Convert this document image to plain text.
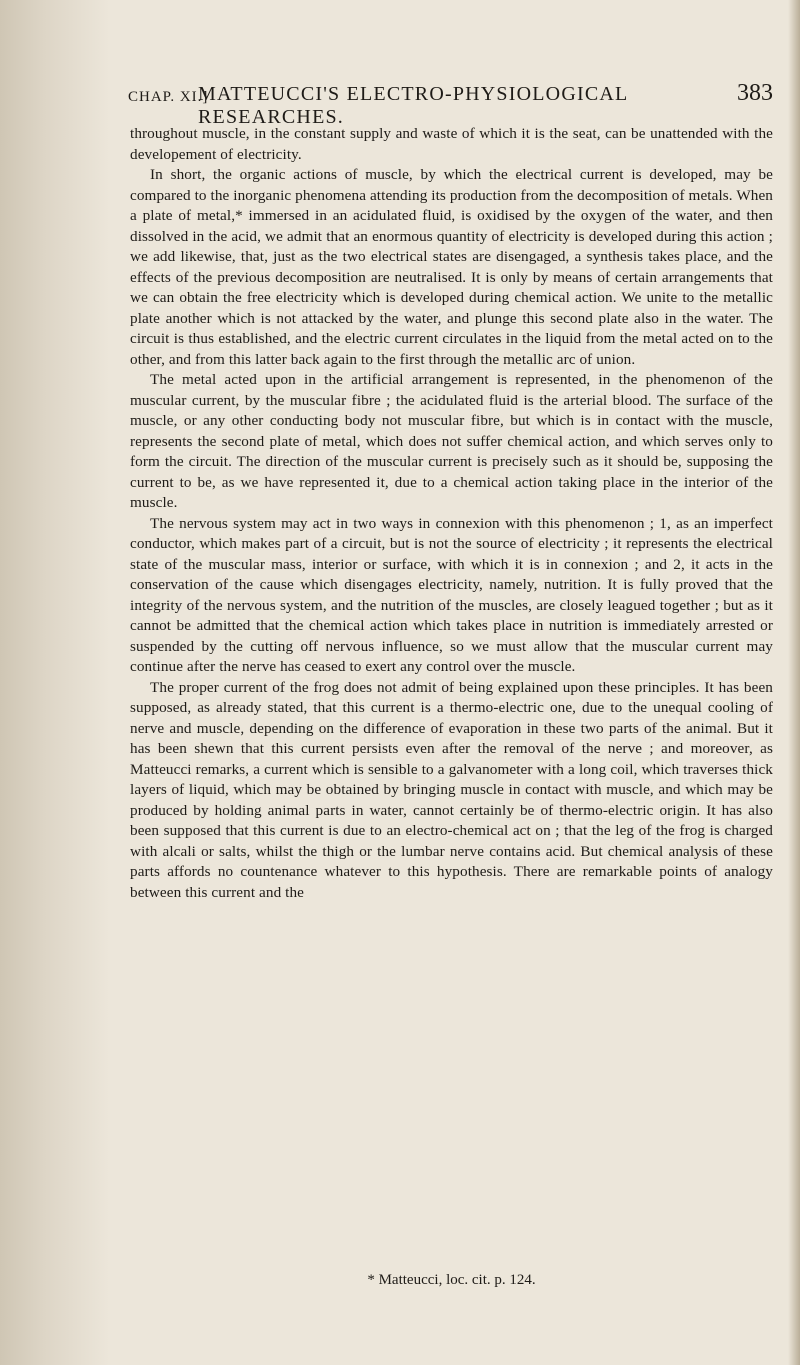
CHAP. XI.]
MATTEUCCI'S ELECTRO-PHYSIOLOGICAL RESEARCHES.
383

throughout muscle, in the constant supply and waste of which it is the seat, can be unattended with the developement of electricity.

In short, the organic actions of muscle, by which the electrical current is developed, may be compared to the inorganic phenomena attending its production from the decomposition of metals. When a plate of metal,* immersed in an acidulated fluid, is oxidised by the oxygen of the water, and then dissolved in the acid, we admit that an enormous quantity of electricity is developed during this action ; we add likewise, that, just as the two electrical states are disengaged, a synthesis takes place, and the effects of the previous decomposition are neutralised. It is only by means of certain arrangements that we can obtain the free electricity which is developed during chemical action. We unite to the metallic plate another which is not attacked by the water, and plunge this second plate also in the water. The circuit is thus established, and the electric current circulates in the liquid from the metal acted on to the other, and from this latter back again to the first through the metallic arc of union.

The metal acted upon in the artificial arrangement is represented, in the phenomenon of the muscular current, by the muscular fibre ; the acidulated fluid is the arterial blood. The surface of the muscle, or any other conducting body not muscular fibre, but which is in contact with the muscle, represents the second plate of metal, which does not suffer chemical action, and which serves only to form the circuit. The direction of the muscular current is precisely such as it should be, supposing the current to be, as we have represented it, due to a chemical action taking place in the interior of the muscle.

The nervous system may act in two ways in connexion with this phenomenon ; 1, as an imperfect conductor, which makes part of a circuit, but is not the source of electricity ; it represents the electrical state of the muscular mass, interior or surface, with which it is in connexion ; and 2, it acts in the conservation of the cause which disengages electricity, namely, nutrition. It is fully proved that the integrity of the nervous system, and the nutrition of the muscles, are closely leagued together ; but as it cannot be admitted that the chemical action which takes place in nutrition is immediately arrested or suspended by the cutting off nervous influence, so we must allow that the muscular current may continue after the nerve has ceased to exert any control over the muscle.

The proper current of the frog does not admit of being explained upon these principles. It has been supposed, as already stated, that this current is a thermo-electric one, due to the unequal cooling of nerve and muscle, depending on the difference of evaporation in these two parts of the animal. But it has been shewn that this current persists even after the removal of the nerve ; and moreover, as Matteucci remarks, a current which is sensible to a galvanometer with a long coil, which traverses thick layers of liquid, which may be obtained by bringing muscle in contact with muscle, and which may be produced by holding animal parts in water, cannot certainly be of thermo-electric origin. It has also been supposed that this current is due to an electro-chemical act on ; that the leg of the frog is charged with alcali or salts, whilst the thigh or the lumbar nerve contains acid. But chemical analysis of these parts affords no countenance whatever to this hypothesis. There are remarkable points of analogy between this current and the

* Matteucci, loc. cit. p. 124.
